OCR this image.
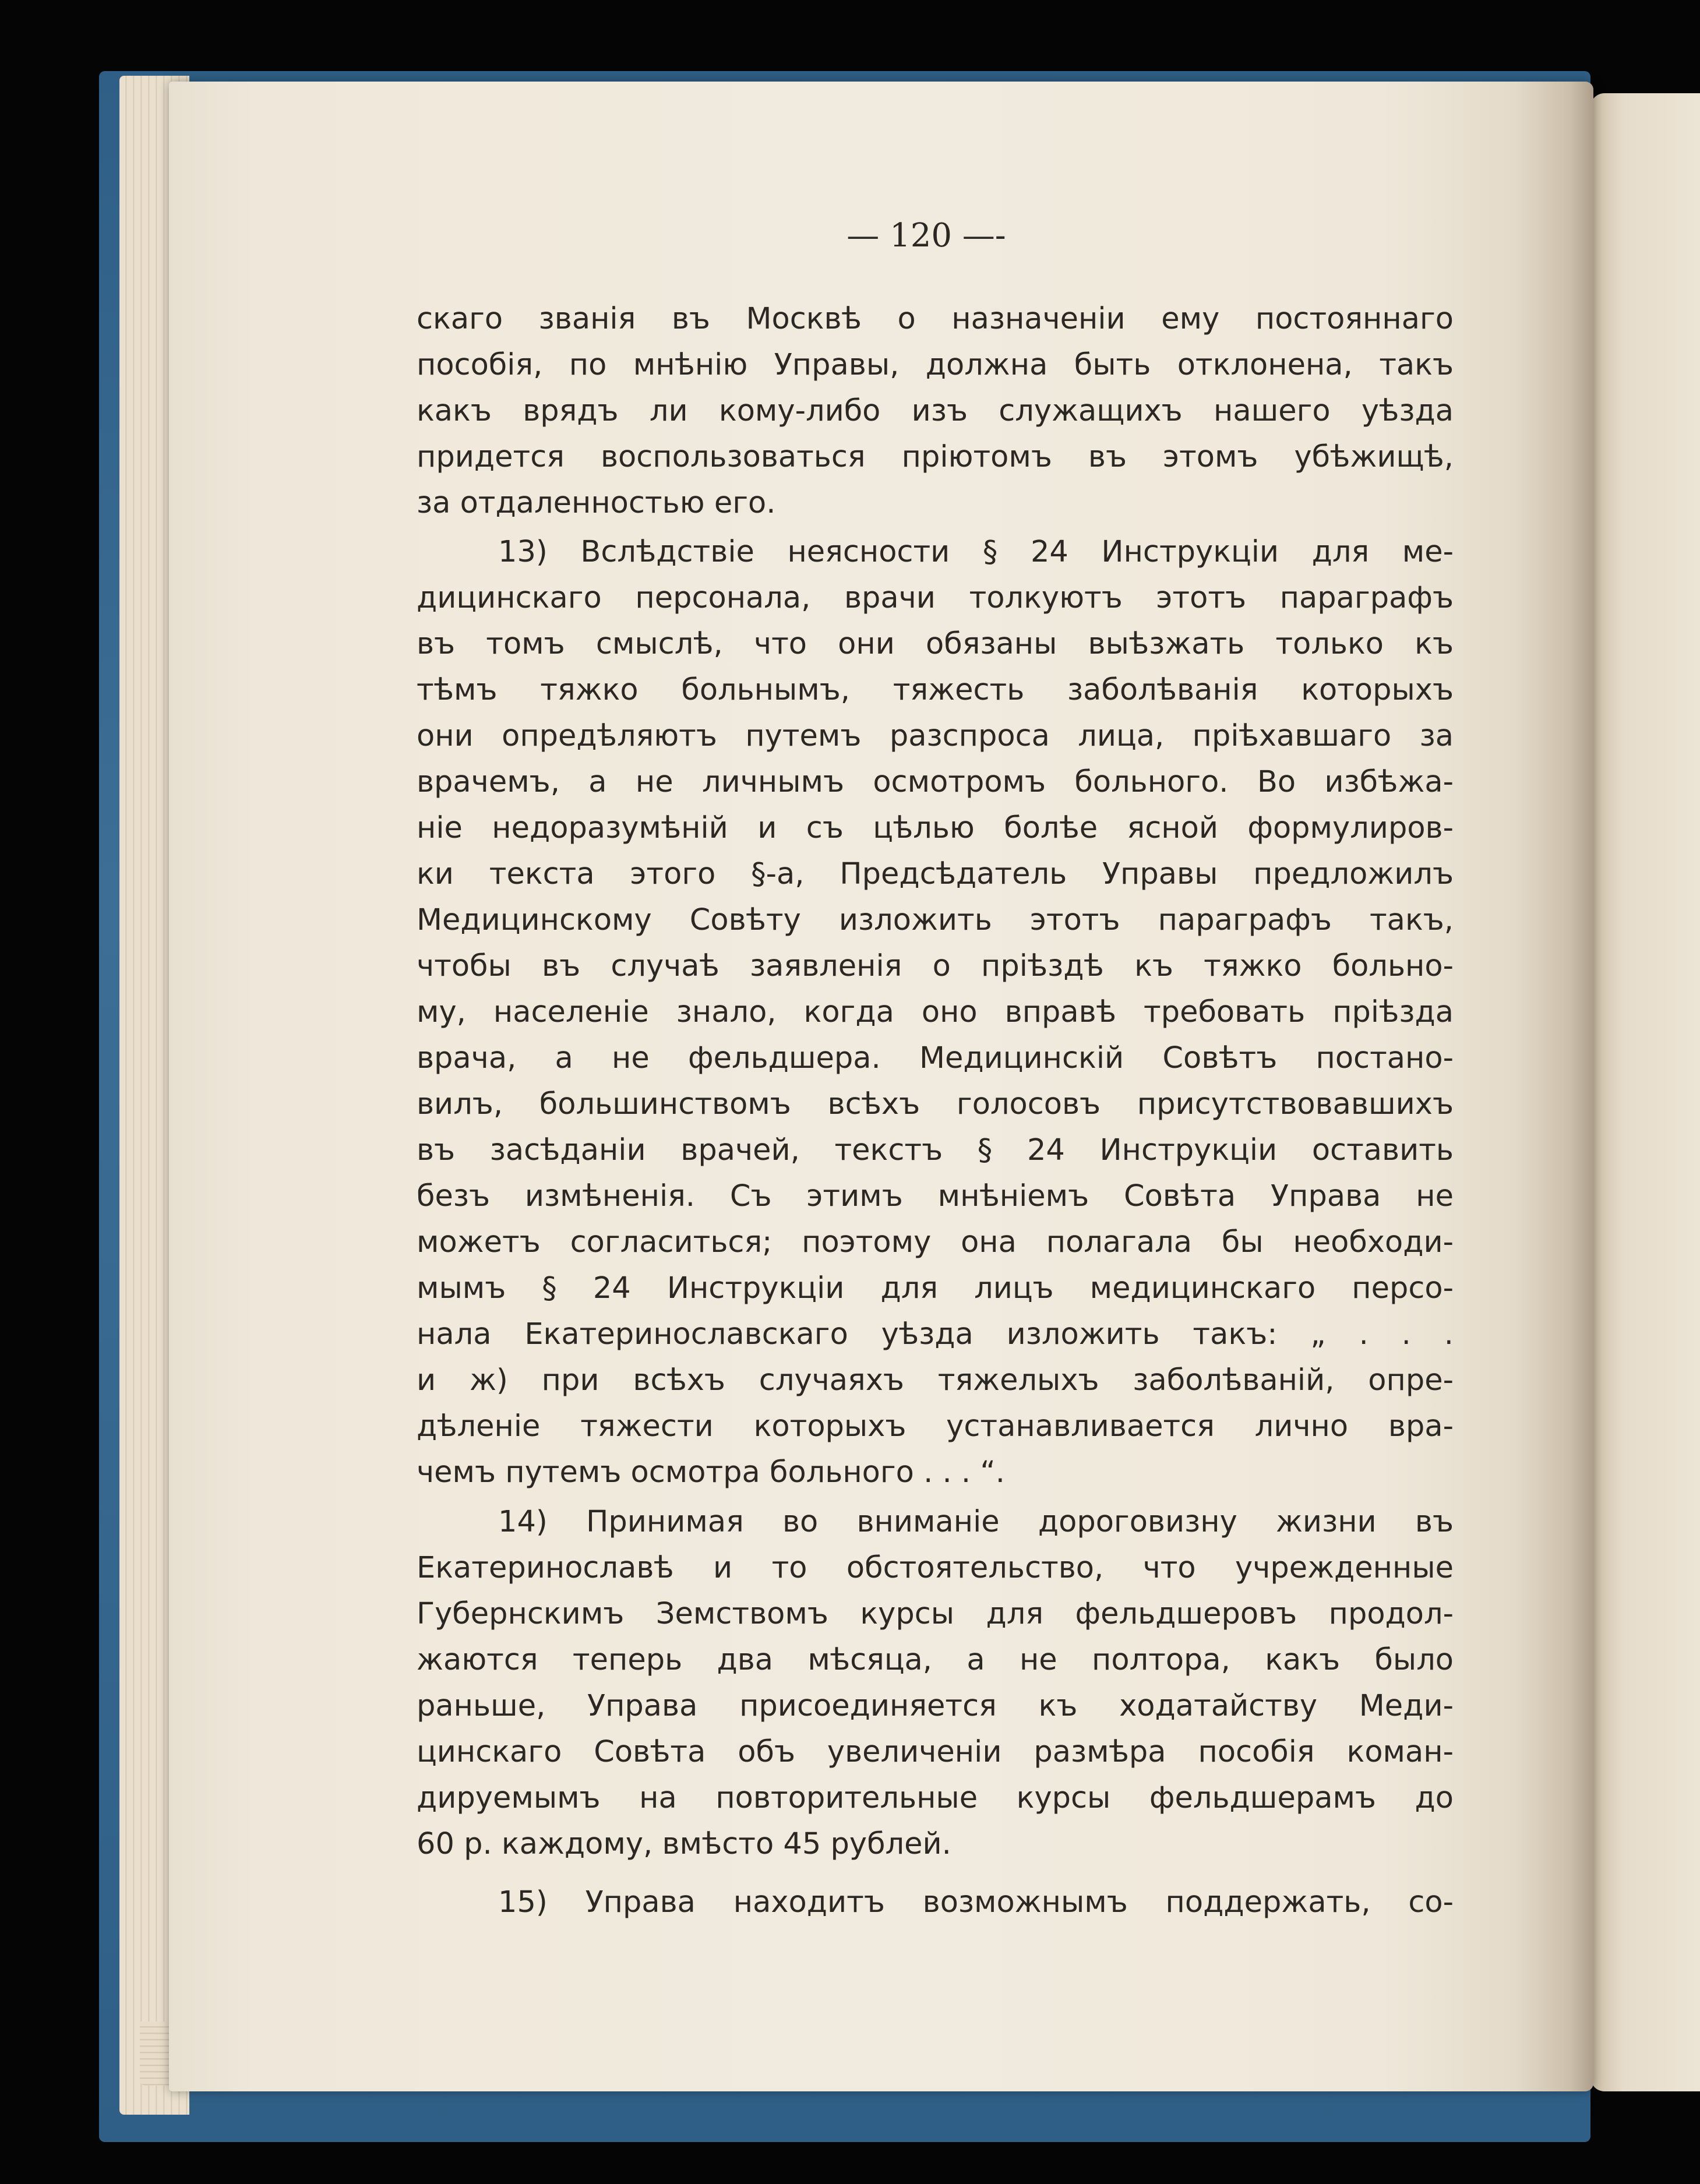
— 120 —-
скаго званія въ Москвѣ о назначеніи ему постояннаго
пособія, по мнѣнію Управы, должна быть отклонена, такъ
какъ врядъ ли кому-либо изъ служащихъ нашего уѣзда
придется воспользоваться пріютомъ въ этомъ убѣжищѣ,
за отдаленностью его.
13) Вслѣдствіе неясности § 24 Инструкціи для ме-
дицинскаго персонала, врачи толкуютъ этотъ параграфъ
въ томъ смыслѣ, что они обязаны выѣзжать только къ
тѣмъ тяжко больнымъ, тяжесть заболѣванія которыхъ
они опредѣляютъ путемъ разспроса лица, пріѣхавшаго за
врачемъ, а не личнымъ осмотромъ больного. Во избѣжа-
ніе недоразумѣній и съ цѣлью болѣе ясной формулиров-
ки текста этого §-а, Предсѣдатель Управы предложилъ
Медицинскому Совѣту изложить этотъ параграфъ такъ,
чтобы въ случаѣ заявленія о пріѣздѣ къ тяжко больно-
му, населеніе знало, когда оно вправѣ требовать пріѣзда
врача, а не фельдшера. Медицинскій Совѣтъ постано-
вилъ, большинствомъ всѣхъ голосовъ присутствовавшихъ
въ засѣданіи врачей, текстъ § 24 Инструкціи оставить
безъ измѣненія. Съ этимъ мнѣніемъ Совѣта Управа не
можетъ согласиться; поэтому она полагала бы необходи-
мымъ § 24 Инструкціи для лицъ медицинскаго персо-
нала Екатеринославскаго уѣзда изложить такъ: „ . . .
и ж) при всѣхъ случаяхъ тяжелыхъ заболѣваній, опре-
дѣленіе тяжести которыхъ устанавливается лично вра-
чемъ путемъ осмотра больного . . . “.
14) Принимая во вниманіе дороговизну жизни въ
Екатеринославѣ и то обстоятельство, что учрежденные
Губернскимъ Земствомъ курсы для фельдшеровъ продол-
жаются теперь два мѣсяца, а не полтора, какъ было
раньше, Управа присоединяется къ ходатайству Меди-
цинскаго Совѣта объ увеличеніи размѣра пособія коман-
дируемымъ на повторительные курсы фельдшерамъ до
60 р. каждому, вмѣсто 45 рублей.
15) Управа находитъ возможнымъ поддержать, со-
